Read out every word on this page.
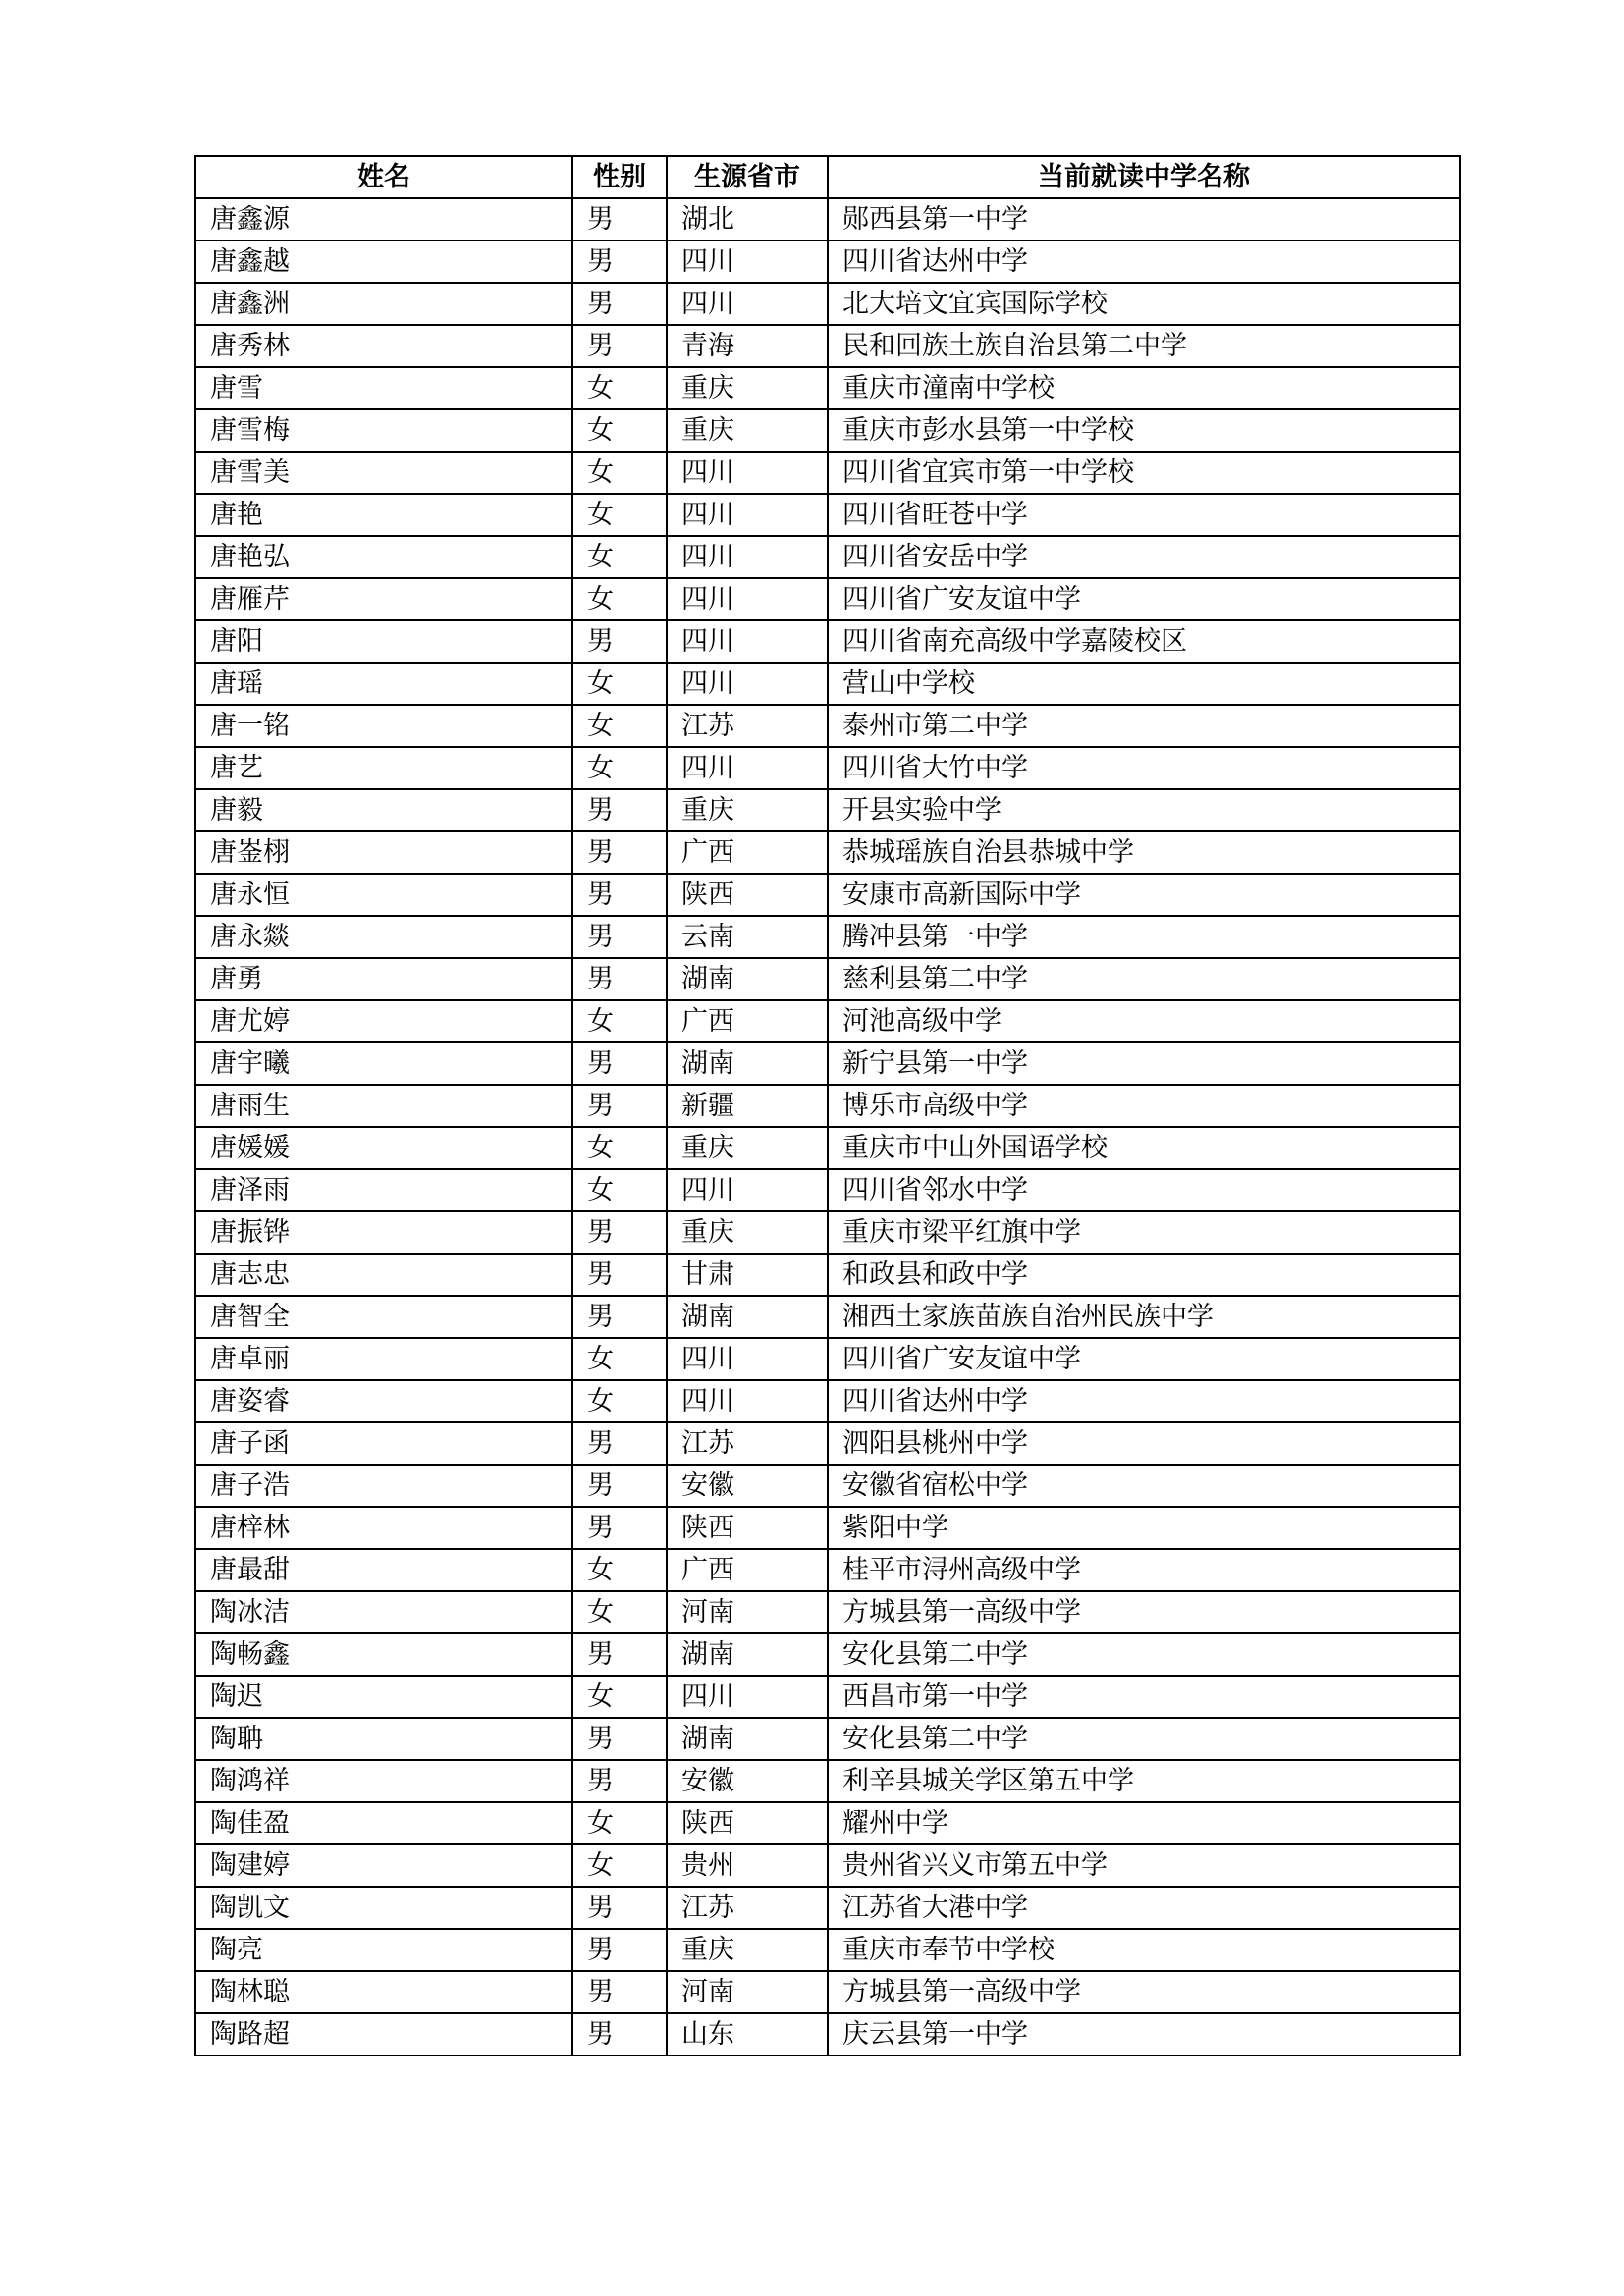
姓名	性别	生源省市	当前就读中学名称
唐鑫源	男	湖北	郧西县第一中学
唐鑫越	男	四川	四川省达州中学
唐鑫洲	男	四川	北大培文宜宾国际学校
唐秀林	男	青海	民和回族土族自治县第二中学
唐雪	女	重庆	重庆市潼南中学校
唐雪梅	女	重庆	重庆市彭水县第一中学校
唐雪美	女	四川	四川省宜宾市第一中学校
唐艳	女	四川	四川省旺苍中学
唐艳弘	女	四川	四川省安岳中学
唐雁芹	女	四川	四川省广安友谊中学
唐阳	男	四川	四川省南充高级中学嘉陵校区
唐瑶	女	四川	营山中学校
唐一铭	女	江苏	泰州市第二中学
唐艺	女	四川	四川省大竹中学
唐毅	男	重庆	开县实验中学
唐崟栩	男	广西	恭城瑶族自治县恭城中学
唐永恒	男	陕西	安康市高新国际中学
唐永燚	男	云南	腾冲县第一中学
唐勇	男	湖南	慈利县第二中学
唐尤婷	女	广西	河池高级中学
唐宇曦	男	湖南	新宁县第一中学
唐雨生	男	新疆	博乐市高级中学
唐媛媛	女	重庆	重庆市中山外国语学校
唐泽雨	女	四川	四川省邻水中学
唐振铧	男	重庆	重庆市梁平红旗中学
唐志忠	男	甘肃	和政县和政中学
唐智全	男	湖南	湘西土家族苗族自治州民族中学
唐卓丽	女	四川	四川省广安友谊中学
唐姿睿	女	四川	四川省达州中学
唐子函	男	江苏	泗阳县桃州中学
唐子浩	男	安徽	安徽省宿松中学
唐梓林	男	陕西	紫阳中学
唐最甜	女	广西	桂平市浔州高级中学
陶冰洁	女	河南	方城县第一高级中学
陶畅鑫	男	湖南	安化县第二中学
陶迟	女	四川	西昌市第一中学
陶聃	男	湖南	安化县第二中学
陶鸿祥	男	安徽	利辛县城关学区第五中学
陶佳盈	女	陕西	耀州中学
陶建婷	女	贵州	贵州省兴义市第五中学
陶凯文	男	江苏	江苏省大港中学
陶亮	男	重庆	重庆市奉节中学校
陶林聪	男	河南	方城县第一高级中学
陶路超	男	山东	庆云县第一中学
